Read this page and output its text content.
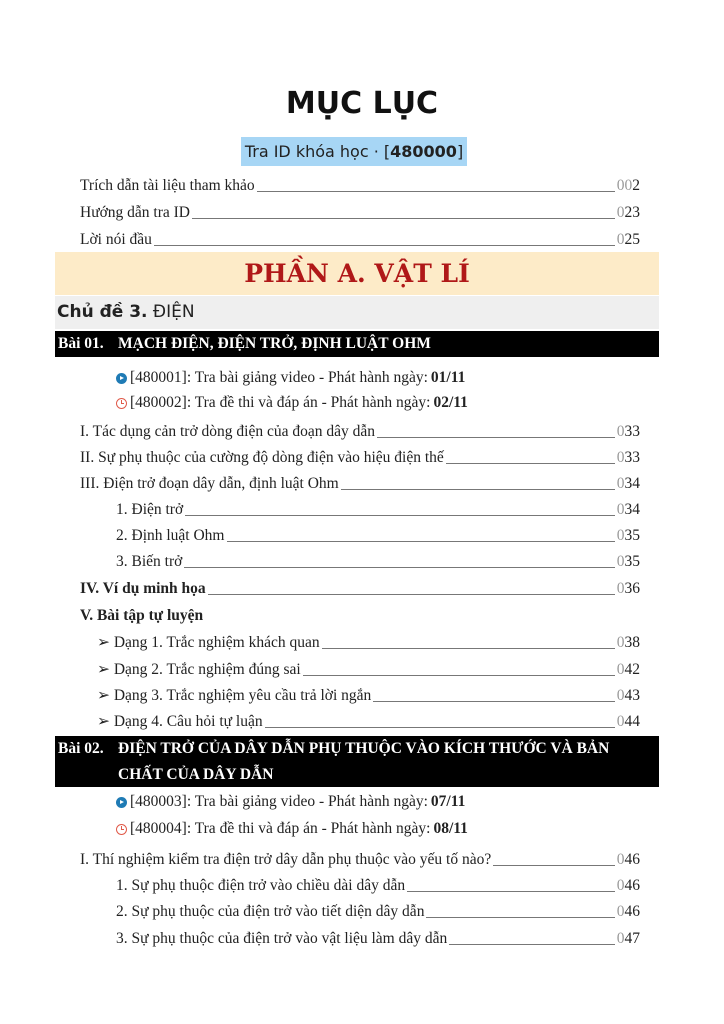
MỤC LỤC
Tra ID khóa học · [480000]
Trích dẫn tài liệu tham khảo	002
Hướng dẫn tra ID	023
Lời nói đầu	025
PHẦN A. VẬT LÍ
Chủ đề 3. ĐIỆN
Bài 01. MẠCH ĐIỆN, ĐIỆN TRỞ, ĐỊNH LUẬT OHM
[480001]: Tra bài giảng video - Phát hành ngày: 01/11
[480002]: Tra đề thi và đáp án - Phát hành ngày: 02/11
I. Tác dụng cản trở dòng điện của đoạn dây dẫn	033
II. Sự phụ thuộc của cường độ dòng điện vào hiệu điện thế	033
III. Điện trở đoạn dây dẫn, định luật Ohm	034
1. Điện trở	034
2. Định luật Ohm	035
3. Biến trở	035
IV. Ví dụ minh họa	036
V. Bài tập tự luyện
➢ Dạng 1. Trắc nghiệm khách quan	038
➢ Dạng 2. Trắc nghiệm đúng sai	042
➢ Dạng 3. Trắc nghiệm yêu cầu trả lời ngắn	043
➢ Dạng 4. Câu hỏi tự luận	044
Bài 02. ĐIỆN TRỞ CỦA DÂY DẪN PHỤ THUỘC VÀO KÍCH THƯỚC VÀ BẢN
CHẤT CỦA DÂY DẪN
[480003]: Tra bài giảng video - Phát hành ngày: 07/11
[480004]: Tra đề thi và đáp án - Phát hành ngày: 08/11
I. Thí nghiệm kiểm tra điện trở dây dẫn phụ thuộc vào yếu tố nào?	046
1. Sự phụ thuộc điện trở vào chiều dài dây dẫn	046
2. Sự phụ thuộc của điện trở vào tiết diện dây dẫn	046
3. Sự phụ thuộc của điện trở vào vật liệu làm dây dẫn	047
